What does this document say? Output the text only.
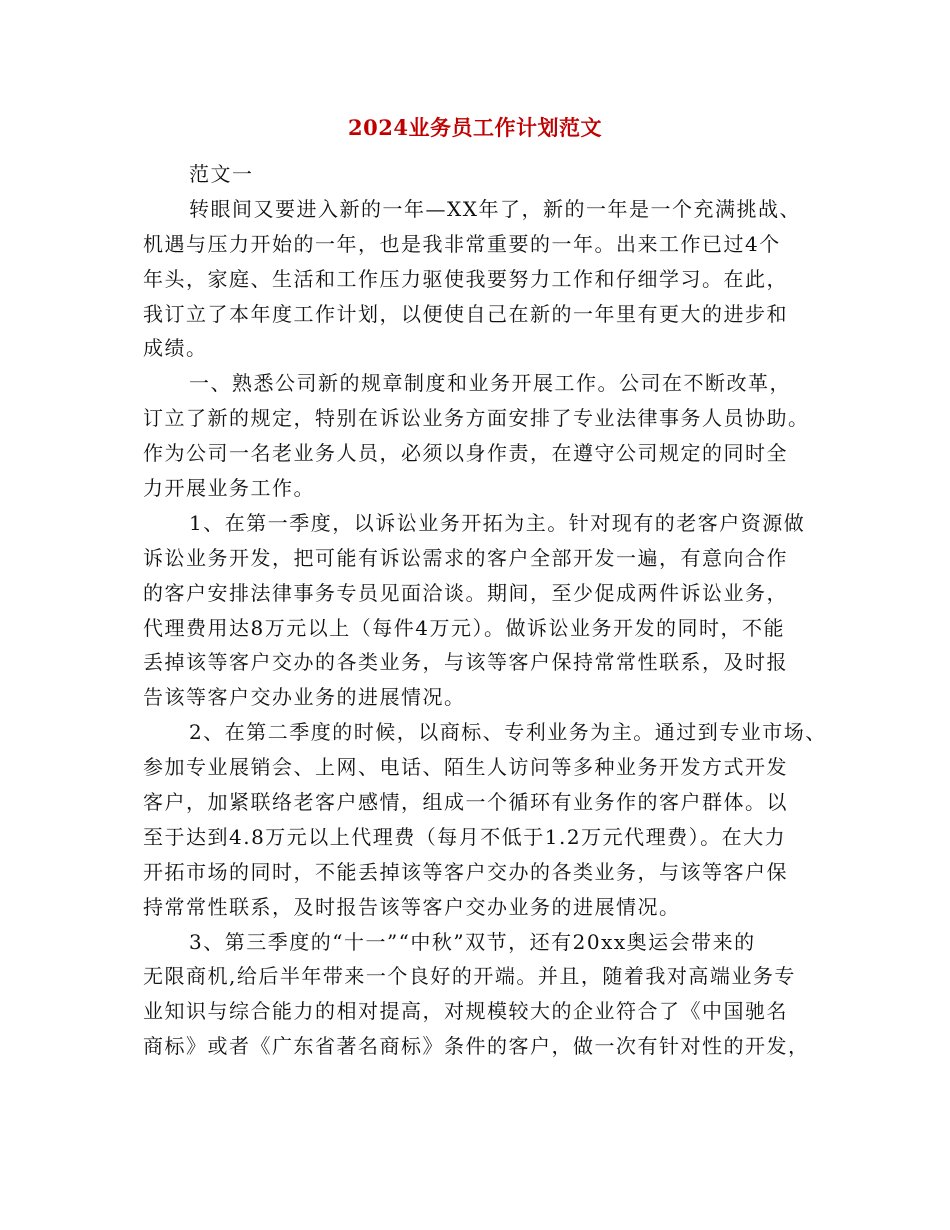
2024业务员工作计划范文
范文一
转眼间又要进入新的一年—XX年了，新的一年是一个充满挑战、
机遇与压力开始的一年，也是我非常重要的一年。出来工作已过4个
年头，家庭、生活和工作压力驱使我要努力工作和仔细学习。在此，
我订立了本年度工作计划，以便使自己在新的一年里有更大的进步和
成绩。
一、熟悉公司新的规章制度和业务开展工作。公司在不断改革，
订立了新的规定，特别在诉讼业务方面安排了专业法律事务人员协助。
作为公司一名老业务人员，必须以身作责，在遵守公司规定的同时全
力开展业务工作。
1、在第一季度，以诉讼业务开拓为主。针对现有的老客户资源做
诉讼业务开发，把可能有诉讼需求的客户全部开发一遍，有意向合作
的客户安排法律事务专员见面洽谈。期间，至少促成两件诉讼业务，
代理费用达8万元以上（每件4万元）。做诉讼业务开发的同时，不能
丢掉该等客户交办的各类业务，与该等客户保持常常性联系，及时报
告该等客户交办业务的进展情况。
2、在第二季度的时候，以商标、专利业务为主。通过到专业市场、
参加专业展销会、上网、电话、陌生人访问等多种业务开发方式开发
客户，加紧联络老客户感情，组成一个循环有业务作的客户群体。以
至于达到4.8万元以上代理费（每月不低于1.2万元代理费）。在大力
开拓市场的同时，不能丢掉该等客户交办的各类业务，与该等客户保
持常常性联系，及时报告该等客户交办业务的进展情况。
3、第三季度的“十一”“中秋”双节，还有20xx奥运会带来的
无限商机,给后半年带来一个良好的开端。并且，随着我对高端业务专
业知识与综合能力的相对提高，对规模较大的企业符合了《中国驰名
商标》或者《广东省著名商标》条件的客户，做一次有针对性的开发，
